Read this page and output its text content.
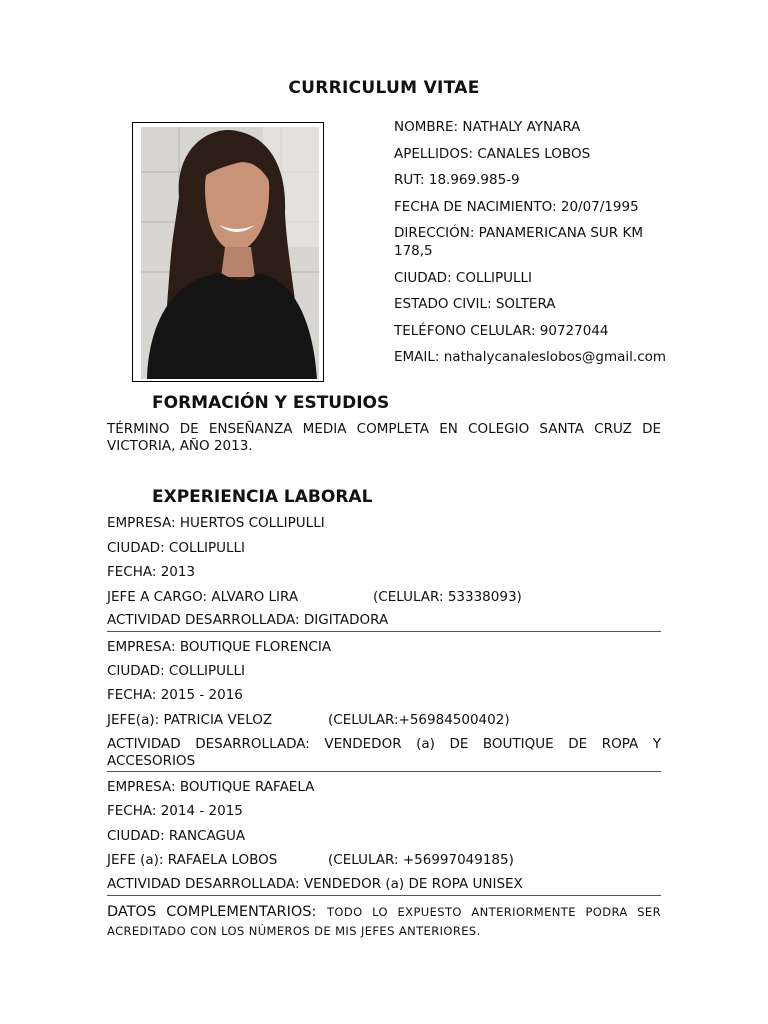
CURRICULUM VITAE
NOMBRE: NATHALY AYNARA
APELLIDOS: CANALES LOBOS
RUT: 18.969.985-9
FECHA DE NACIMIENTO: 20/07/1995
DIRECCIÓN: PANAMERICANA SUR KM 178,5
CIUDAD: COLLIPULLI
ESTADO CIVIL: SOLTERA
TELÉFONO CELULAR: 90727044
EMAIL: nathalycanaleslobos@gmail.com
FORMACIÓN Y ESTUDIOS
TÉRMINO DE ENSEÑANZA MEDIA COMPLETA EN COLEGIO SANTA CRUZ DE VICTORIA, AÑO 2013.
EXPERIENCIA LABORAL
EMPRESA: HUERTOS COLLIPULLI
CIUDAD: COLLIPULLI
FECHA: 2013
JEFE A CARGO: ALVARO LIRA	(CELULAR: 53338093)
ACTIVIDAD DESARROLLADA: DIGITADORA
EMPRESA: BOUTIQUE FLORENCIA
CIUDAD: COLLIPULLI
FECHA: 2015 - 2016
JEFE(a): PATRICIA VELOZ	(CELULAR:+56984500402)
ACTIVIDAD DESARROLLADA: VENDEDOR (a) DE BOUTIQUE DE ROPA Y ACCESORIOS
EMPRESA: BOUTIQUE RAFAELA
FECHA: 2014 - 2015
CIUDAD: RANCAGUA
JEFE (a): RAFAELA LOBOS	(CELULAR: +56997049185)
ACTIVIDAD DESARROLLADA: VENDEDOR (a) DE ROPA UNISEX
DATOS COMPLEMENTARIOS: TODO LO EXPUESTO ANTERIORMENTE PODRA SER ACREDITADO CON LOS NÚMEROS DE MIS JEFES ANTERIORES.
